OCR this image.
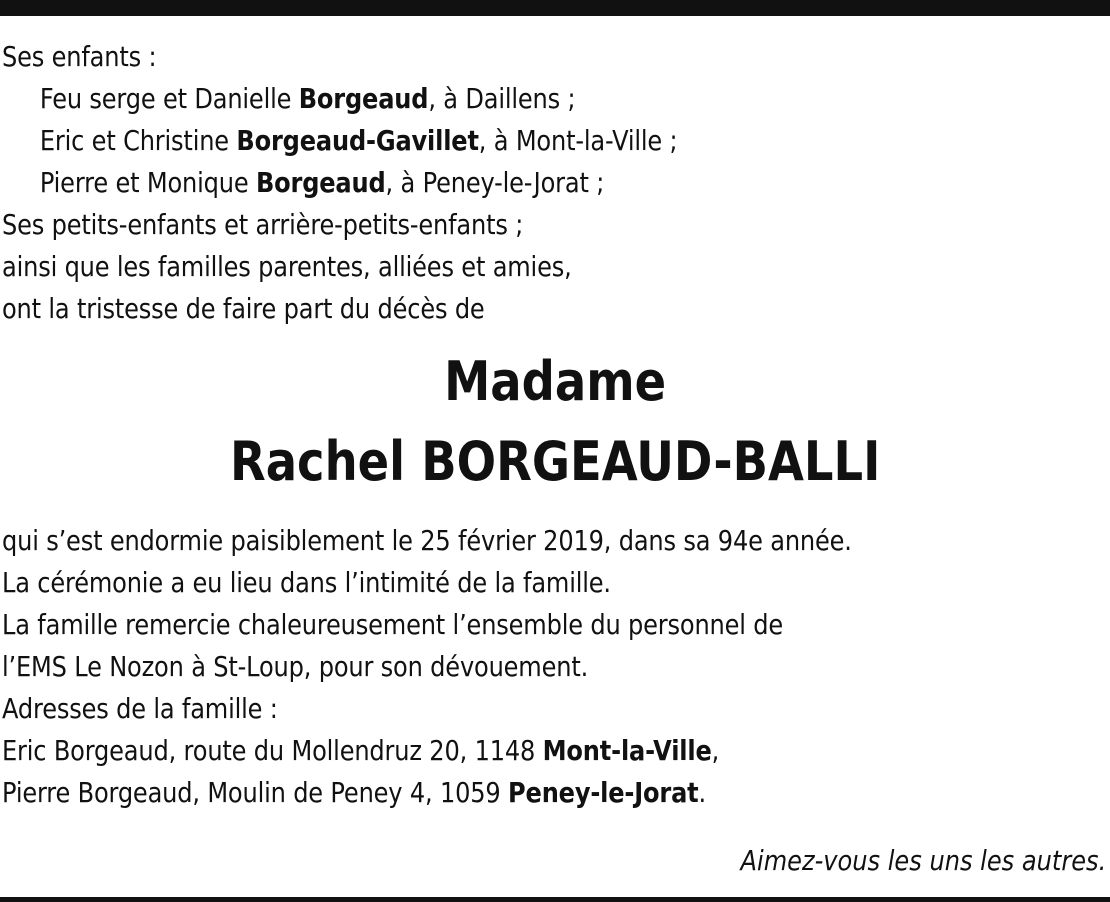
Ses enfants :
Feu serge et Danielle Borgeaud, à Daillens ;
Eric et Christine Borgeaud-Gavillet, à Mont-la-Ville ;
Pierre et Monique Borgeaud, à Peney-le-Jorat ;
Ses petits-enfants et arrière-petits-enfants ;
ainsi que les familles parentes, alliées et amies,
ont la tristesse de faire part du décès de
Madame
Rachel BORGEAUD-BALLI
qui s’est endormie paisiblement le 25 février 2019, dans sa 94e année.
La cérémonie a eu lieu dans l’intimité de la famille.
La famille remercie chaleureusement l’ensemble du personnel de
l’EMS Le Nozon à St-Loup, pour son dévouement.
Adresses de la famille :
Eric Borgeaud, route du Mollendruz 20, 1148 Mont-la-Ville,
Pierre Borgeaud, Moulin de Peney 4, 1059 Peney-le-Jorat.
Aimez-vous les uns les autres.
